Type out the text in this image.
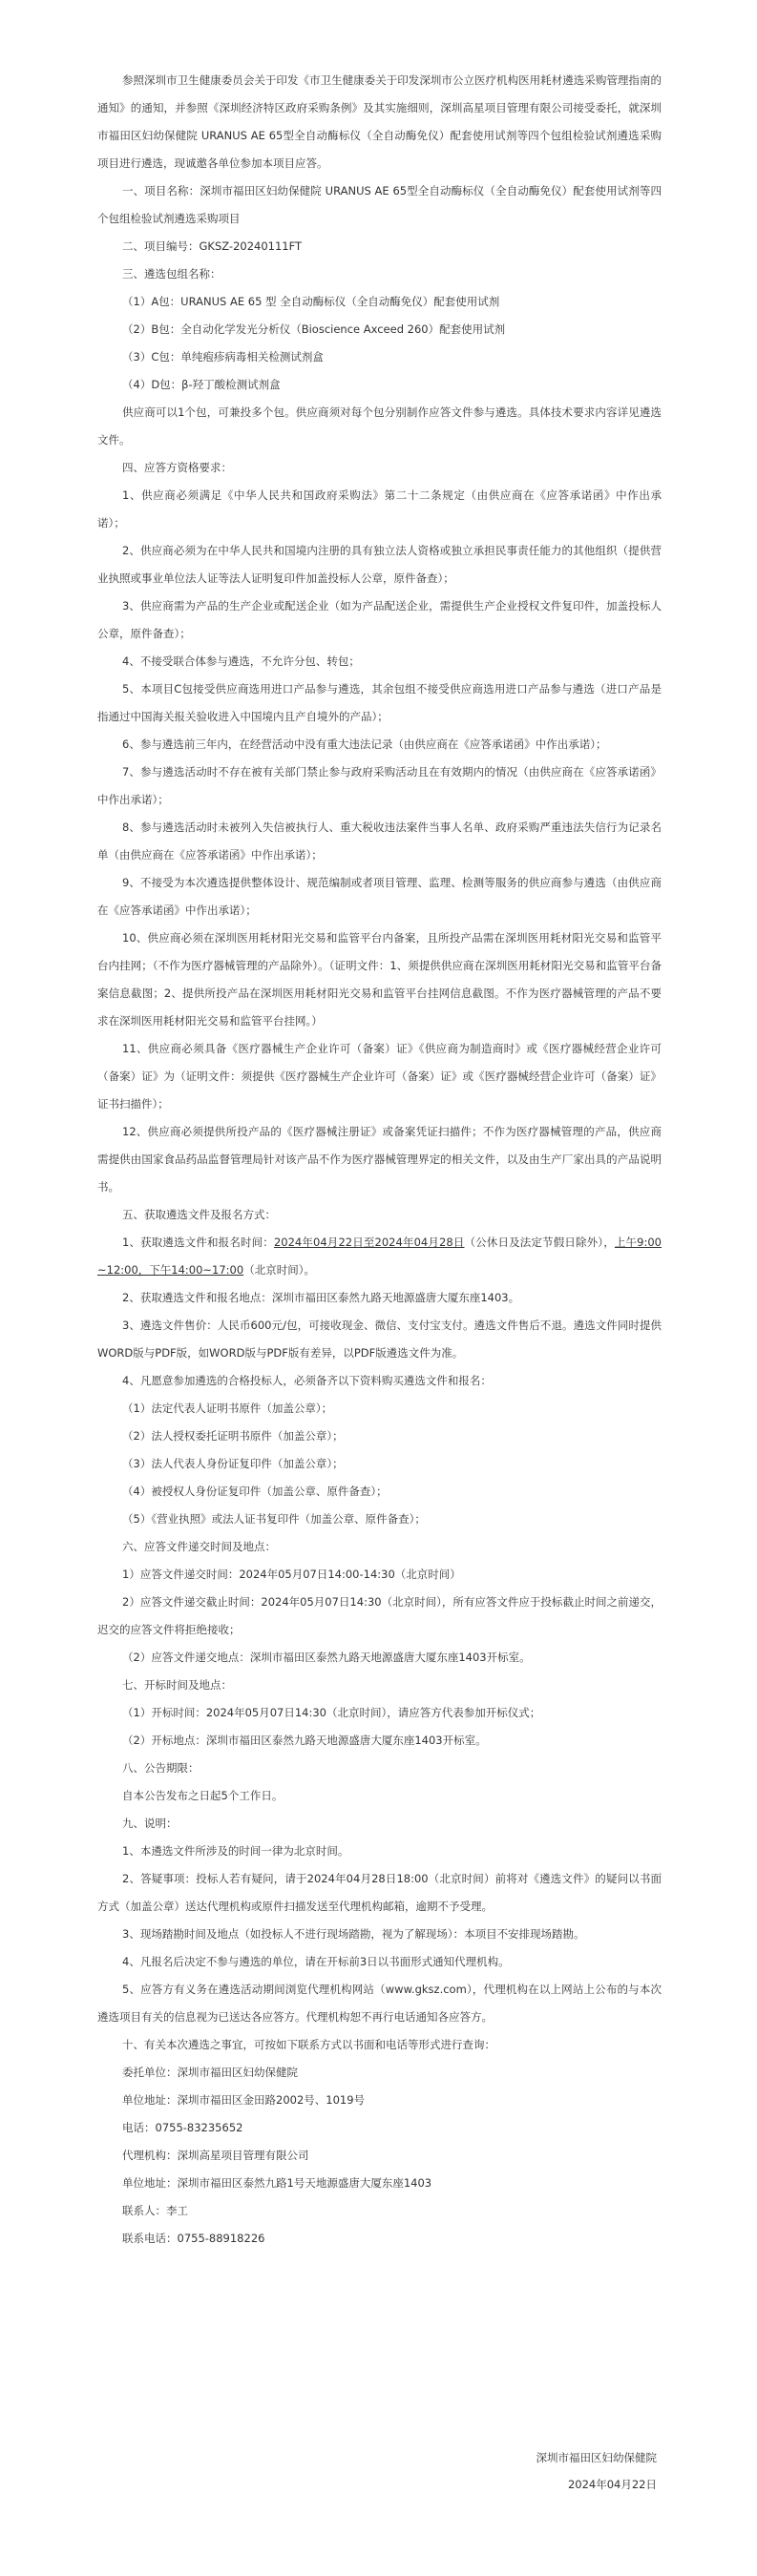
参照深圳市卫生健康委员会关于印发《市卫生健康委关于印发深圳市公立医疗机构医用耗材遴选采购管理指南的通知》的通知，并参照《深圳经济特区政府采购条例》及其实施细则，深圳高星项目管理有限公司接受委托，就深圳市福田区妇幼保健院 URANUS AE 65型全自动酶标仪（全自动酶免仪）配套使用试剂等四个包组检验试剂遴选采购项目进行遴选，现诚邀各单位参加本项目应答。

一、项目名称：深圳市福田区妇幼保健院 URANUS AE 65型全自动酶标仪（全自动酶免仪）配套使用试剂等四个包组检验试剂遴选采购项目

二、项目编号：GKSZ-20240111FT

三、遴选包组名称：

（1）A包：URANUS AE 65 型 全自动酶标仪（全自动酶免仪）配套使用试剂

（2）B包：全自动化学发光分析仪（Bioscience Axceed 260）配套使用试剂

（3）C包：单纯疱疹病毒相关检测试剂盒

（4）D包：β-羟丁酸检测试剂盒

供应商可以1个包，可兼投多个包。供应商须对每个包分别制作应答文件参与遴选。具体技术要求内容详见遴选文件。

四、应答方资格要求：

1、供应商必须满足《中华人民共和国政府采购法》第二十二条规定（由供应商在《应答承诺函》中作出承诺）；

2、供应商必须为在中华人民共和国境内注册的具有独立法人资格或独立承担民事责任能力的其他组织（提供营业执照或事业单位法人证等法人证明复印件加盖投标人公章，原件备查）；

3、供应商需为产品的生产企业或配送企业（如为产品配送企业，需提供生产企业授权文件复印件，加盖投标人公章，原件备查）；

4、不接受联合体参与遴选，不允许分包、转包；

5、本项目C包接受供应商选用进口产品参与遴选，其余包组不接受供应商选用进口产品参与遴选（进口产品是指通过中国海关报关验收进入中国境内且产自境外的产品）；

6、参与遴选前三年内，在经营活动中没有重大违法记录（由供应商在《应答承诺函》中作出承诺）；

7、参与遴选活动时不存在被有关部门禁止参与政府采购活动且在有效期内的情况（由供应商在《应答承诺函》中作出承诺）；

8、参与遴选活动时未被列入失信被执行人、重大税收违法案件当事人名单、政府采购严重违法失信行为记录名单（由供应商在《应答承诺函》中作出承诺）；

9、不接受为本次遴选提供整体设计、规范编制或者项目管理、监理、检测等服务的供应商参与遴选（由供应商在《应答承诺函》中作出承诺）；

10、供应商必须在深圳医用耗材阳光交易和监管平台内备案，且所投产品需在深圳医用耗材阳光交易和监管平台内挂网；（不作为医疗器械管理的产品除外）。（证明文件：1、须提供供应商在深圳医用耗材阳光交易和监管平台备案信息截图；2、提供所投产品在深圳医用耗材阳光交易和监管平台挂网信息截图。不作为医疗器械管理的产品不要求在深圳医用耗材阳光交易和监管平台挂网。）

11、供应商必须具备《医疗器械生产企业许可（备案）证》《供应商为制造商时》或《医疗器械经营企业许可（备案）证》为（证明文件：须提供《医疗器械生产企业许可（备案）证》或《医疗器械经营企业许可（备案）证》证书扫描件）；

12、供应商必须提供所投产品的《医疗器械注册证》或备案凭证扫描件；不作为医疗器械管理的产品，供应商需提供由国家食品药品监督管理局针对该产品不作为医疗器械管理界定的相关文件，以及由生产厂家出具的产品说明书。

五、获取遴选文件及报名方式：

1、获取遴选文件和报名时间：2024年04月22日至2024年04月28日（公休日及法定节假日除外），上午9:00~12:00，下午14:00~17:00（北京时间）。

2、获取遴选文件和报名地点：深圳市福田区泰然九路天地源盛唐大厦东座1403。

3、遴选文件售价：人民币600元/包，可接收现金、微信、支付宝支付。遴选文件售后不退。遴选文件同时提供WORD版与PDF版，如WORD版与PDF版有差异，以PDF版遴选文件为准。

4、凡愿意参加遴选的合格投标人，必须备齐以下资料购买遴选文件和报名：

（1）法定代表人证明书原件（加盖公章）；

（2）法人授权委托证明书原件（加盖公章）；

（3）法人代表人身份证复印件（加盖公章）；

（4）被授权人身份证复印件（加盖公章、原件备查）；

（5）《营业执照》或法人证书复印件（加盖公章、原件备查）；

六、应答文件递交时间及地点：

1）应答文件递交时间：2024年05月07日14:00-14:30（北京时间）

2）应答文件递交截止时间：2024年05月07日14:30（北京时间），所有应答文件应于投标截止时间之前递交，迟交的应答文件将拒绝接收；

（2）应答文件递交地点：深圳市福田区泰然九路天地源盛唐大厦东座1403开标室。

七、开标时间及地点：

（1）开标时间：2024年05月07日14:30（北京时间），请应答方代表参加开标仪式；

（2）开标地点：深圳市福田区泰然九路天地源盛唐大厦东座1403开标室。

八、公告期限：

自本公告发布之日起5个工作日。

九、说明：

1、本遴选文件所涉及的时间一律为北京时间。

2、答疑事项：投标人若有疑问，请于2024年04月28日18:00（北京时间）前将对《遴选文件》的疑问以书面方式（加盖公章）送达代理机构或原件扫描发送至代理机构邮箱，逾期不予受理。

3、现场踏勘时间及地点（如投标人不进行现场踏勘，视为了解现场）：本项目不安排现场踏勘。

4、凡报名后决定不参与遴选的单位，请在开标前3日以书面形式通知代理机构。

5、应答方有义务在遴选活动期间浏览代理机构网站（www.gksz.com），代理机构在以上网站上公布的与本次遴选项目有关的信息视为已送达各应答方。代理机构恕不再行电话通知各应答方。

十、有关本次遴选之事宜，可按如下联系方式以书面和电话等形式进行查询：

委托单位：深圳市福田区妇幼保健院

单位地址：深圳市福田区金田路2002号、1019号

电话：0755-83235652

代理机构：深圳高星项目管理有限公司

单位地址：深圳市福田区泰然九路1号天地源盛唐大厦东座1403

联系人：李工

联系电话：0755-88918226

深圳市福田区妇幼保健院
2024年04月22日
